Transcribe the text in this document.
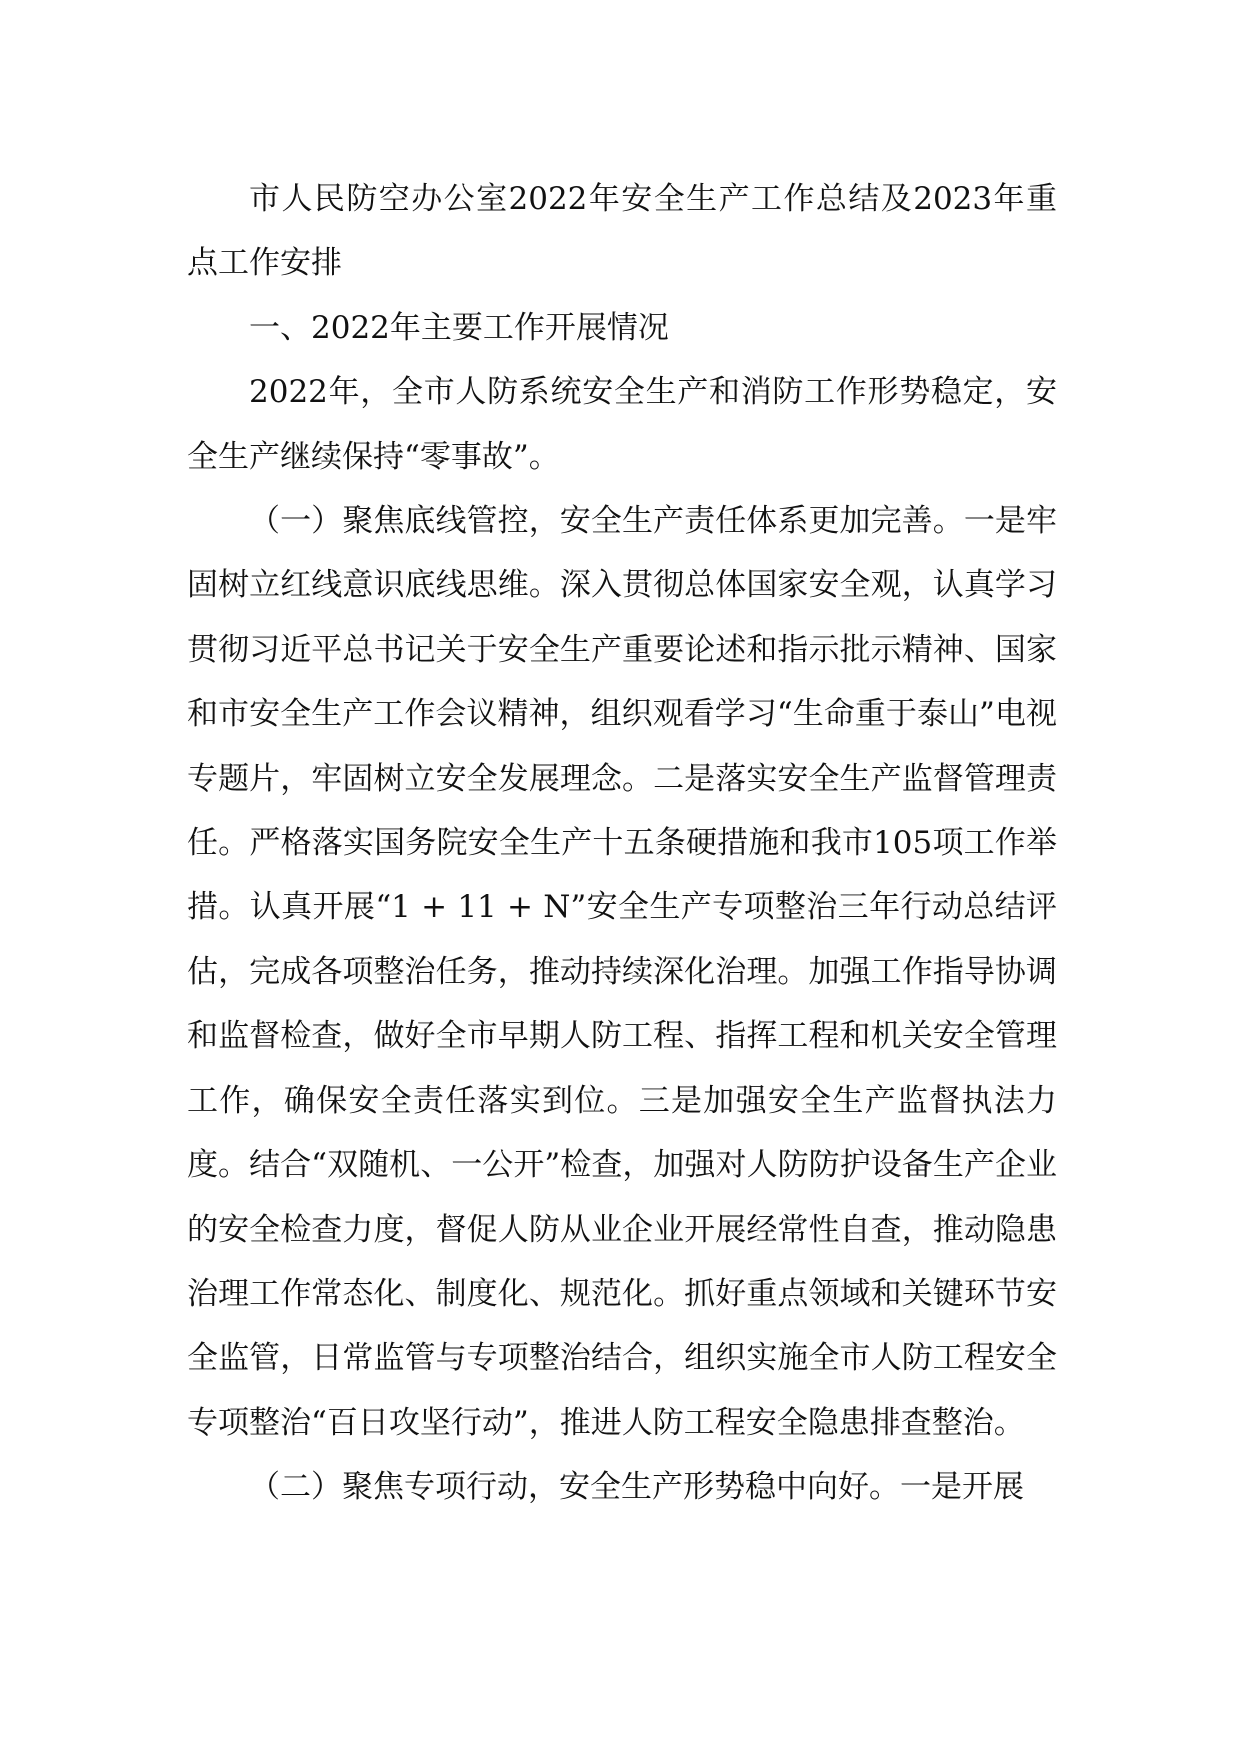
市人民防空办公室2022年安全生产工作总结及2023年重点工作安排

一、2022年主要工作开展情况

2022年，全市人防系统安全生产和消防工作形势稳定，安全生产继续保持“零事故”。

（一）聚焦底线管控，安全生产责任体系更加完善。一是牢固树立红线意识底线思维。深入贯彻总体国家安全观，认真学习贯彻习近平总书记关于安全生产重要论述和指示批示精神、国家和市安全生产工作会议精神，组织观看学习“生命重于泰山”电视专题片，牢固树立安全发展理念。二是落实安全生产监督管理责任。严格落实国务院安全生产十五条硬措施和我市105项工作举措。认真开展“1 + 11 + N”安全生产专项整治三年行动总结评估，完成各项整治任务，推动持续深化治理。加强工作指导协调和监督检查，做好全市早期人防工程、指挥工程和机关安全管理工作，确保安全责任落实到位。三是加强安全生产监督执法力度。结合“双随机、一公开”检查，加强对人防防护设备生产企业的安全检查力度，督促人防从业企业开展经常性自查，推动隐患治理工作常态化、制度化、规范化。抓好重点领域和关键环节安全监管，日常监管与专项整治结合，组织实施全市人防工程安全专项整治“百日攻坚行动”，推进人防工程安全隐患排查整治。

（二）聚焦专项行动，安全生产形势稳中向好。一是开展
